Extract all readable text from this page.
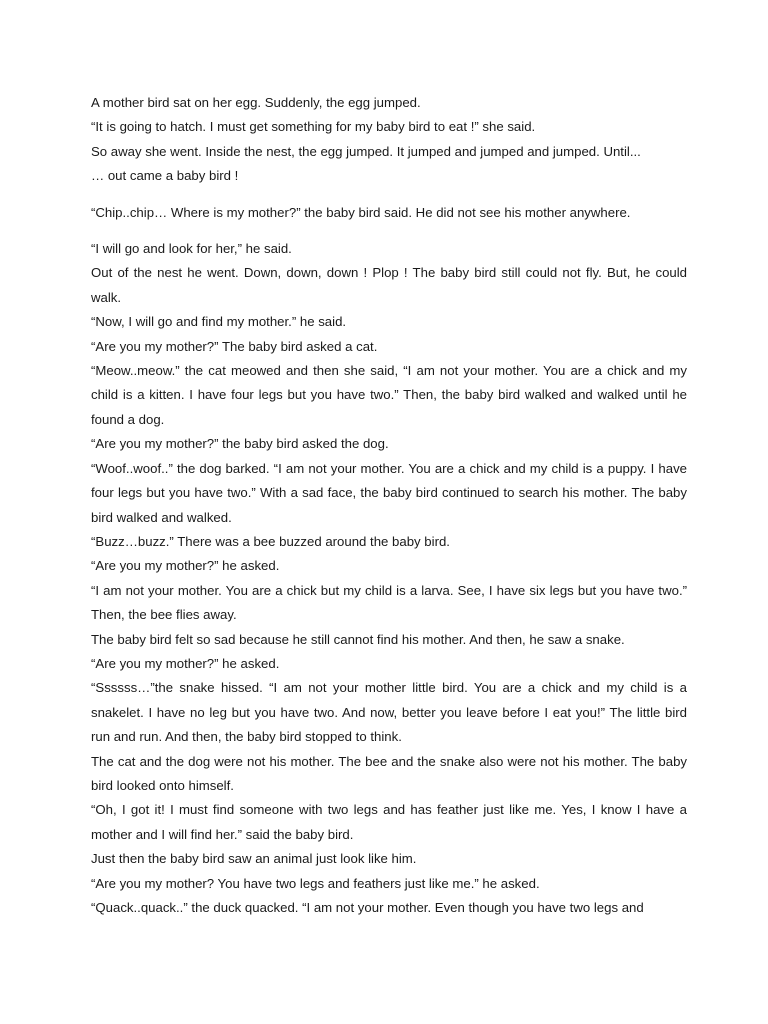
A mother bird sat on her egg. Suddenly, the egg jumped.

“It is going to hatch. I must get something for my baby bird to eat !” she said.

So away she went. Inside the nest, the egg jumped. It jumped and jumped and jumped. Until...

… out came a baby bird !

“Chip..chip… Where is my mother?” the baby bird said. He did not see his mother anywhere.

“I will go and look for her,” he said.

Out of the nest he went. Down, down, down ! Plop ! The baby bird still could not fly. But, he could walk.

“Now, I will go and find my mother.” he said.

“Are you my mother?” The baby bird asked a cat.

“Meow..meow.” the cat meowed and then she said, “I am not your mother. You are a chick and my child is a kitten. I have four legs but you have two.” Then, the baby bird walked and walked until he found a dog.

“Are you my mother?” the baby bird asked the dog.

“Woof..woof..” the dog barked. “I am not your mother. You are a chick and my child is a puppy. I have four legs but you have two.” With a sad face, the baby bird continued to search his mother. The baby bird walked and walked.

“Buzz…buzz.” There was a bee buzzed around the baby bird.

“Are you my mother?” he asked.

“I am not your mother. You are a chick but my child is a larva. See, I have six legs but you have two.” Then, the bee flies away.

The baby bird felt so sad because he still cannot find his mother. And then, he saw a snake.

“Are you my mother?” he asked.

“Ssssss…”the snake hissed. “I am not your mother little bird. You are a chick and my child is a snakelet. I have no leg but you have two. And now, better you leave before I eat you!” The little bird run and run. And then, the baby bird stopped to think.

The cat and the dog were not his mother. The bee and the snake also were not his mother. The baby bird looked onto himself.

“Oh, I got it! I must find someone with two legs and has feather just like me. Yes, I know I have a mother and I will find her.” said the baby bird.

Just then the baby bird saw an animal just look like him.

“Are you my mother? You have two legs and feathers just like me.” he asked.

“Quack..quack..” the duck quacked. “I am not your mother. Even though you have two legs and
